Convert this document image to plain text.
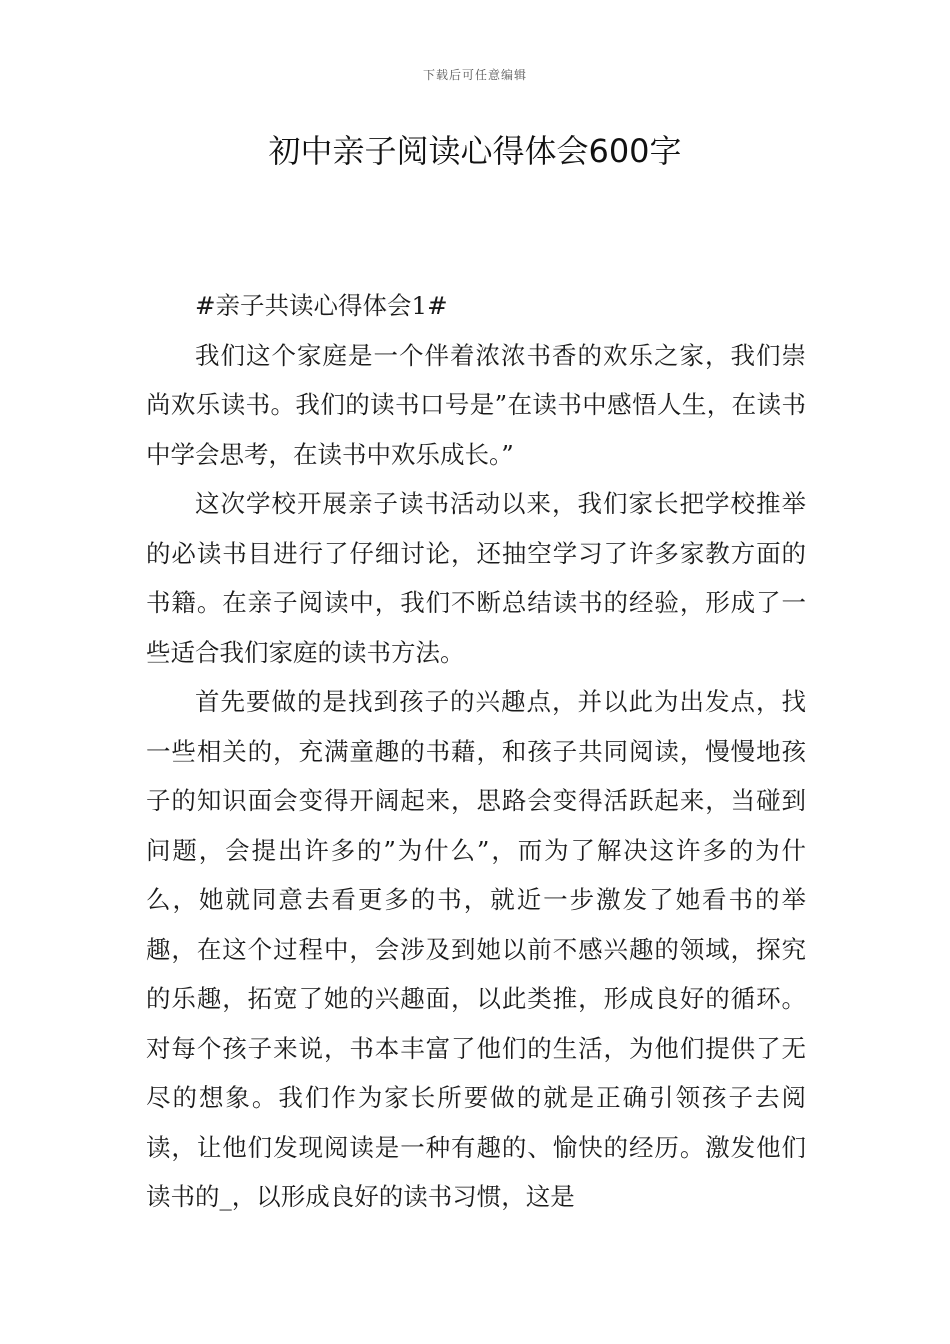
下载后可任意编辑
初中亲子阅读心得体会600字

#亲子共读心得体会1#

我们这个家庭是一个伴着浓浓书香的欢乐之家，我们崇尚欢乐读书。我们的读书口号是”在读书中感悟人生，在读书中学会思考，在读书中欢乐成长。”

这次学校开展亲子读书活动以来，我们家长把学校推举的必读书目进行了仔细讨论，还抽空学习了许多家教方面的书籍。在亲子阅读中，我们不断总结读书的经验，形成了一些适合我们家庭的读书方法。

首先要做的是找到孩子的兴趣点，并以此为出发点，找一些相关的，充满童趣的书藉，和孩子共同阅读，慢慢地孩子的知识面会变得开阔起来，思路会变得活跃起来，当碰到问题，会提出许多的”为什么”，而为了解决这许多的为什么，她就同意去看更多的书，就近一步激发了她看书的举趣，在这个过程中，会涉及到她以前不感兴趣的领域，探究的乐趣，拓宽了她的兴趣面，以此类推，形成良好的循环。对每个孩子来说，书本丰富了他们的生活，为他们提供了无尽的想象。我们作为家长所要做的就是正确引领孩子去阅读，让他们发现阅读是一种有趣的、愉快的经历。激发他们读书的_，以形成良好的读书习惯，这是
